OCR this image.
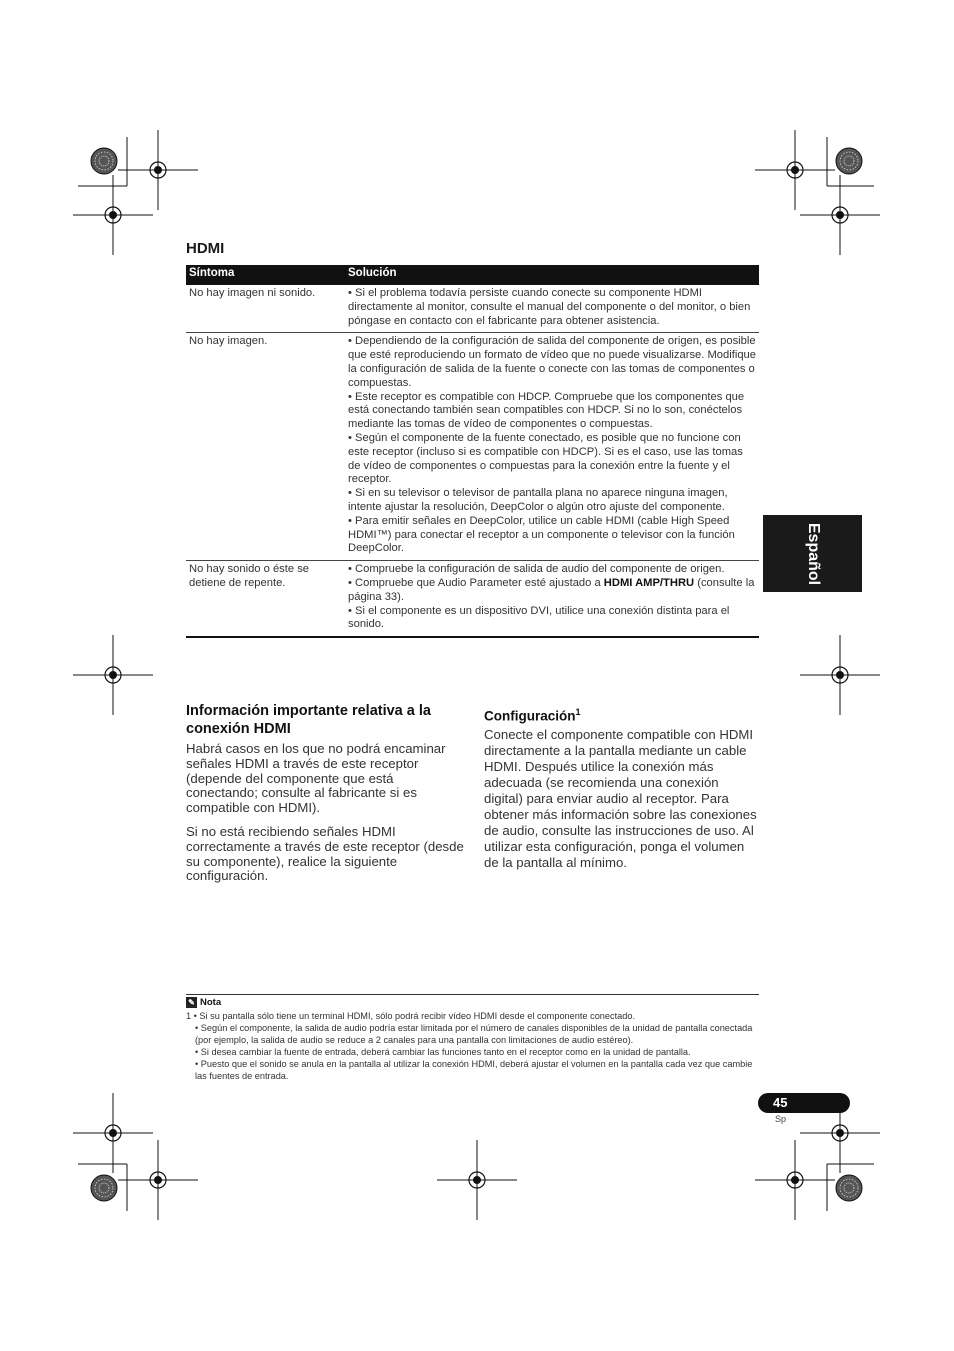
HDMI
Síntoma	Solución
No hay imagen ni sonido.	• Si el problema todavía persiste cuando conecte su componente HDMI directamente al monitor, consulte el manual del componente o del monitor, o bien póngase en contacto con el fabricante para obtener asistencia.

No hay imagen.	• Dependiendo de la configuración de salida del componente de origen, es posible que esté reproduciendo un formato de vídeo que no puede visualizarse. Modifique la configuración de salida de la fuente o conecte con las tomas de componentes o compuestas.
• Este receptor es compatible con HDCP. Compruebe que los componentes que está conectando también sean compatibles con HDCP. Si no lo son, conéctelos mediante las tomas de vídeo de componentes o compuestas.
• Según el componente de la fuente conectado, es posible que no funcione con este receptor (incluso si es compatible con HDCP). Si es el caso, use las tomas de vídeo de componentes o compuestas para la conexión entre la fuente y el receptor.
• Si en su televisor o televisor de pantalla plana no aparece ninguna imagen, intente ajustar la resolución, DeepColor o algún otro ajuste del componente.
• Para emitir señales en DeepColor, utilice un cable HDMI (cable High Speed HDMI™) para conectar el receptor a un componente o televisor con la función DeepColor.

No hay sonido o éste se detiene de repente.	• Compruebe la configuración de salida de audio del componente de origen.
• Compruebe que Audio Parameter esté ajustado a HDMI AMP/THRU (consulte la página 33).
• Si el componente es un dispositivo DVI, utilice una conexión distinta para el sonido.
Español
Información importante relativa a la conexión HDMI

Habrá casos en los que no podrá encaminar señales HDMI a través de este receptor (depende del componente que está conectando; consulte al fabricante si es compatible con HDMI).

Si no está recibiendo señales HDMI correctamente a través de este receptor (desde su componente), realice la siguiente configuración.

Configuración$^1$

Conecte el componente compatible con HDMI directamente a la pantalla mediante un cable HDMI. Después utilice la conexión más adecuada (se recomienda una conexión digital) para enviar audio al receptor. Para obtener más información sobre las conexiones de audio, consulte las instrucciones de uso. Al utilizar esta configuración, ponga el volumen de la pantalla al mínimo.

✎ Nota
1 • Si su pantalla sólo tiene un terminal HDMI, sólo podrá recibir vídeo HDMI desde el componente conectado.
• Según el componente, la salida de audio podría estar limitada por el número de canales disponibles de la unidad de pantalla conectada (por ejemplo, la salida de audio se reduce a 2 canales para una pantalla con limitaciones de audio estéreo).
• Si desea cambiar la fuente de entrada, deberá cambiar las funciones tanto en el receptor como en la unidad de pantalla.
• Puesto que el sonido se anula en la pantalla al utilizar la conexión HDMI, deberá ajustar el volumen en la pantalla cada vez que cambie las fuentes de entrada.
45
Sp
